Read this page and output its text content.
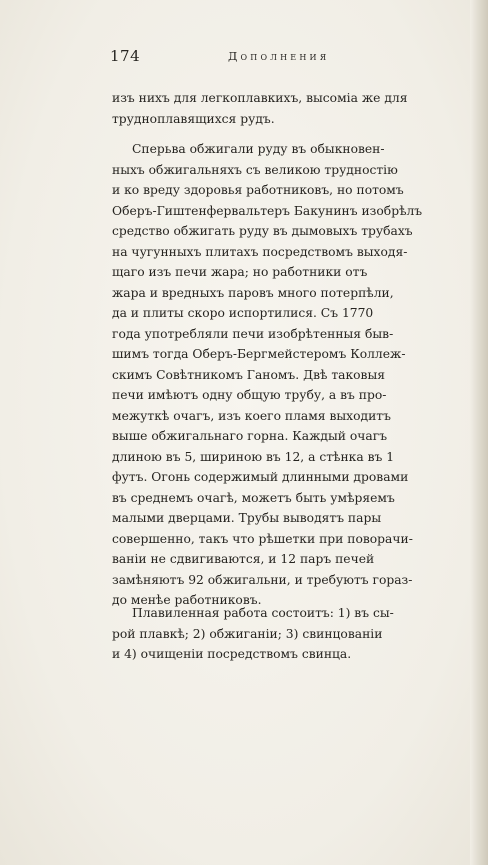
174	Дополнения
изъ нихъ для легкоплавкихъ, высоміа же для
трудноплавящихся рудъ.
Сперьва обжигали руду въ обыкновен-
ныхъ обжигальняхъ съ великою трудностію
и ко вреду здоровья работниковъ, но потомъ
Оберъ-Гиштенфервальтеръ Бакунинъ изобрѣлъ
средство обжигать руду въ дымовыхъ трубахъ
на чугунныхъ плитахъ посредствомъ выходя-
щаго изъ печи жара; но работники отъ
жара и вредныхъ паровъ много потерпѣли,
да и плиты скоро испортилися. Съ 1770
года употребляли печи изобрѣтенныя быв-
шимъ тогда Оберъ-Бергмейстеромъ Коллеж-
скимъ Совѣтникомъ Ганомъ. Двѣ таковыя
печи имѣютъ одну общую трубу, а въ про-
межуткѣ очагъ, изъ коего пламя выходитъ
выше обжигальнаго горна. Каждый очагъ
длиною въ 5, шириною въ 12, а стѣнка въ 1
футъ. Огонь содержимый длинными дровами
въ среднемъ очагѣ, можетъ быть умѣряемъ
малыми дверцами. Трубы выводятъ пары
совершенно, такъ что рѣшетки при поворачи-
ваніи не сдвигиваются, и 12 паръ печей
замѣняютъ 92 обжигальни, и требуютъ гораз-
до менѣе работниковъ.
Плавиленная работа состоитъ: 1) въ сы-
рой плавкѣ; 2) обжиганіи; 3) свинцованіи
и 4) очищеніи посредствомъ свинца.
